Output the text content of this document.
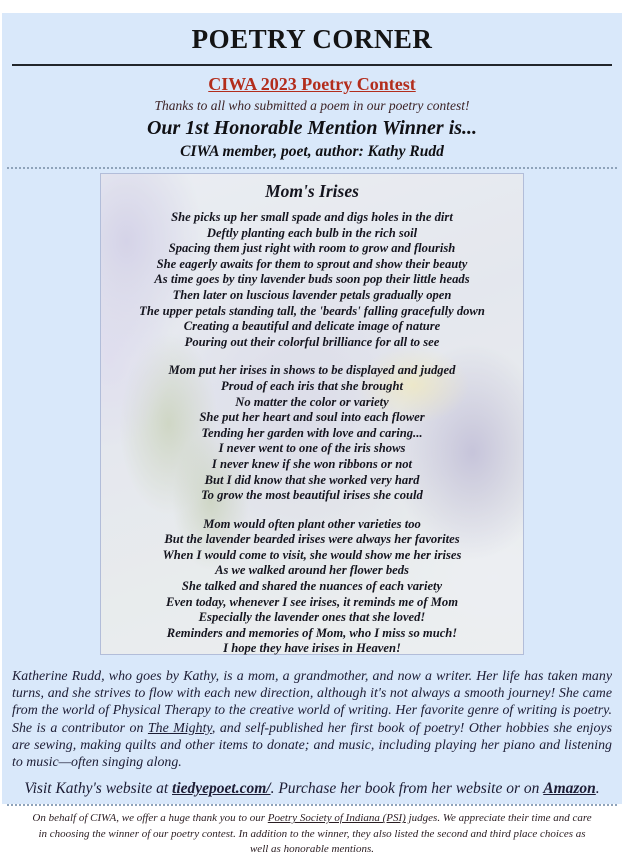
POETRY CORNER
CIWA 2023 Poetry Contest
Thanks to all who submitted a poem in our poetry contest!
Our 1st Honorable Mention Winner is...
CIWA member, poet, author: Kathy Rudd
Mom's Irises
She picks up her small spade and digs holes in the dirt
Deftly planting each bulb in the rich soil
Spacing them just right with room to grow and flourish
She eagerly awaits for them to sprout and show their beauty
As time goes by tiny lavender buds soon pop their little heads
Then later on luscious lavender petals gradually open
The upper petals standing tall, the 'beards' falling gracefully down
Creating a beautiful and delicate image of nature
Pouring out their colorful brilliance for all to see
Mom put her irises in shows to be displayed and judged
Proud of each iris that she brought
No matter the color or variety
She put her heart and soul into each flower
Tending her garden with love and caring...
I never went to one of the iris shows
I never knew if she won ribbons or not
But I did know that she worked very hard
To grow the most beautiful irises she could
Mom would often plant other varieties too
But the lavender bearded irises were always her favorites
When I would come to visit, she would show me her irises
As we walked around her flower beds
She talked and shared the nuances of each variety
Even today, whenever I see irises, it reminds me of Mom
Especially the lavender ones that she loved!
Reminders and memories of Mom, who I miss so much!
I hope they have irises in Heaven!

Katherine Rudd, who goes by Kathy, is a mom, a grandmother, and now a writer. Her life has taken many turns, and she strives to flow with each new direction, although it's not always a smooth journey! She came from the world of Physical Therapy to the creative world of writing. Her favorite genre of writing is poetry. She is a contributor on The Mighty, and self-published her first book of poetry! Other hobbies she enjoys are sewing, making quilts and other items to donate; and music, including playing her piano and listening to music—often singing along.

Visit Kathy's website at tiedyepoet.com/. Purchase her book from her website or on Amazon.

On behalf of CIWA, we offer a huge thank you to our Poetry Society of Indiana (PSI) judges. We appreciate their time and care in choosing the winner of our poetry contest. In addition to the winner, they also listed the second and third place choices as well as honorable mentions.
